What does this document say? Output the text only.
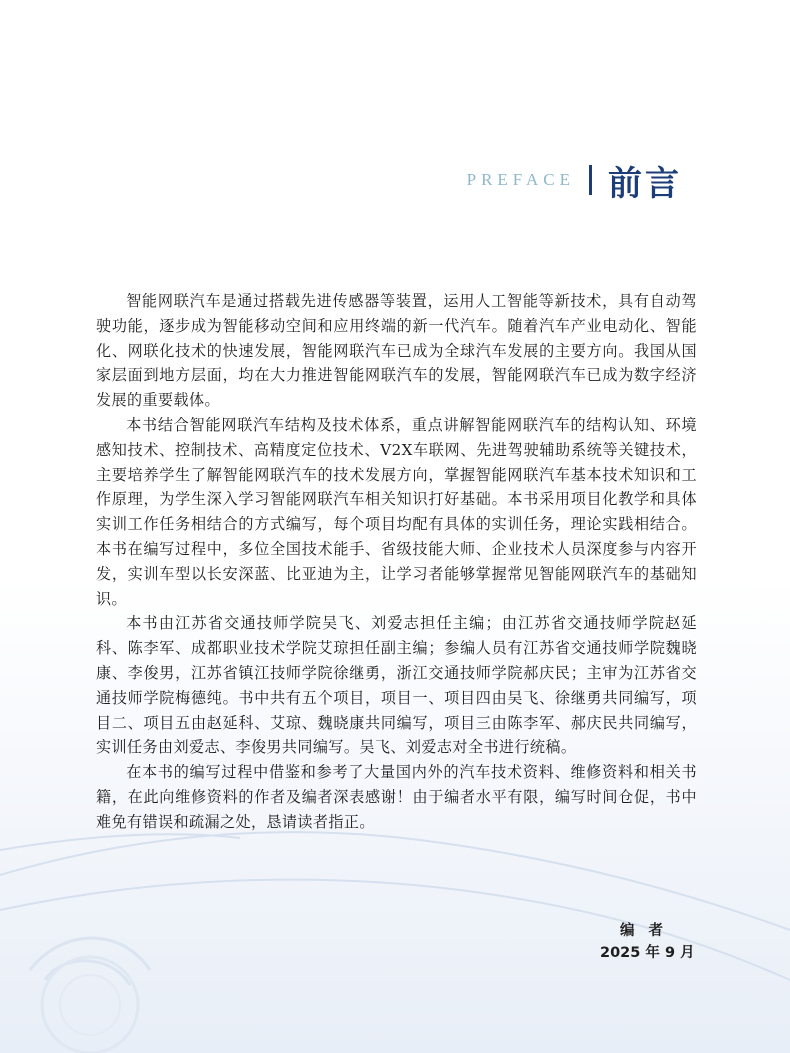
PREFACE 前言

智能网联汽车是通过搭载先进传感器等装置，运用人工智能等新技术，具有自动驾驶功能，逐步成为智能移动空间和应用终端的新一代汽车。随着汽车产业电动化、智能化、网联化技术的快速发展，智能网联汽车已成为全球汽车发展的主要方向。我国从国家层面到地方层面，均在大力推进智能网联汽车的发展，智能网联汽车已成为数字经济发展的重要载体。

本书结合智能网联汽车结构及技术体系，重点讲解智能网联汽车的结构认知、环境感知技术、控制技术、高精度定位技术、V2X车联网、先进驾驶辅助系统等关键技术，主要培养学生了解智能网联汽车的技术发展方向，掌握智能网联汽车基本技术知识和工作原理，为学生深入学习智能网联汽车相关知识打好基础。本书采用项目化教学和具体实训工作任务相结合的方式编写，每个项目均配有具体的实训任务，理论实践相结合。本书在编写过程中，多位全国技术能手、省级技能大师、企业技术人员深度参与内容开发，实训车型以长安深蓝、比亚迪为主，让学习者能够掌握常见智能网联汽车的基础知识。

本书由江苏省交通技师学院吴飞、刘爱志担任主编；由江苏省交通技师学院赵延科、陈李军、成都职业技术学院艾琼担任副主编；参编人员有江苏省交通技师学院魏晓康、李俊男，江苏省镇江技师学院徐继勇，浙江交通技师学院郝庆民；主审为江苏省交通技师学院梅德纯。书中共有五个项目，项目一、项目四由吴飞、徐继勇共同编写，项目二、项目五由赵延科、艾琼、魏晓康共同编写，项目三由陈李军、郝庆民共同编写，实训任务由刘爱志、李俊男共同编写。吴飞、刘爱志对全书进行统稿。

在本书的编写过程中借鉴和参考了大量国内外的汽车技术资料、维修资料和相关书籍，在此向维修资料的作者及编者深表感谢！由于编者水平有限，编写时间仓促，书中难免有错误和疏漏之处，恳请读者指正。

编者
2025 年 9 月
